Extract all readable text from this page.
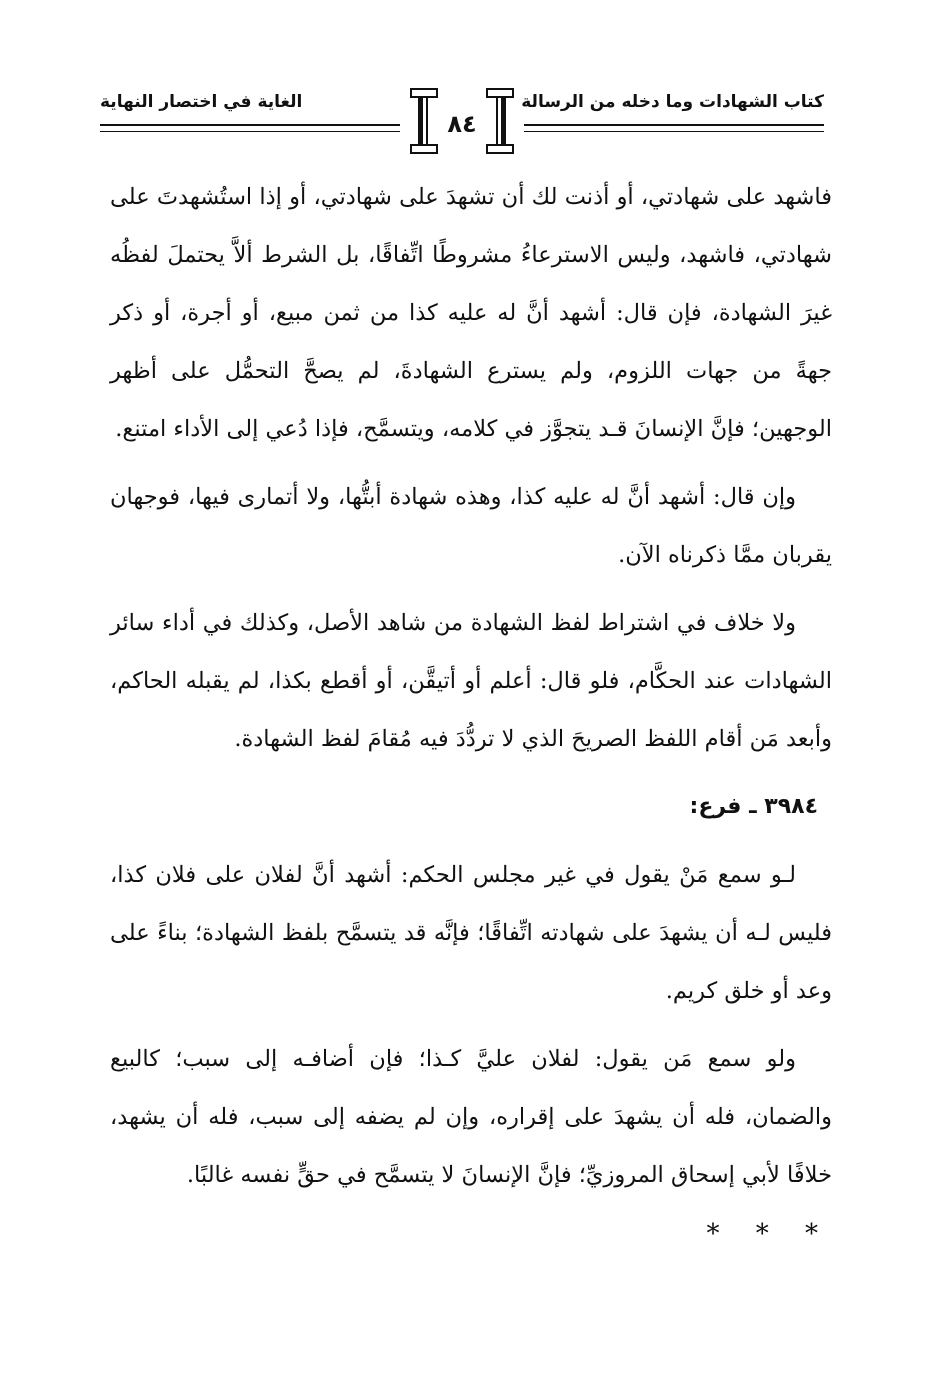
كتاب الشهادات وما دخله من الرسالة
٨٤
الغاية في اختصار النهاية

فاشهد على شهادتي، أو أذنت لك أن تشهدَ على شهادتي، أو إذا استُشهدتَ على شهادتي، فاشهد، وليس الاسترعاءُ مشروطًا اتِّفاقًا، بل الشرط ألاَّ يحتملَ لفظُه غيرَ الشهادة، فإن قال: أشهد أنَّ له عليه كذا من ثمن مبيع، أو أجرة، أو ذكر جهةً من جهات اللزوم، ولم يسترع الشهادةَ، لم يصحَّ التحمُّل على أظهر الوجهين؛ فإنَّ الإنسانَ قـد يتجوَّز في كلامه، ويتسمَّح، فإذا دُعي إلى الأداء امتنع.

وإن قال: أشهد أنَّ له عليه كذا، وهذه شهادة أبتُّها، ولا أتمارى فيها، فوجهان يقربان ممَّا ذكرناه الآن.

ولا خلاف في اشتراط لفظ الشهادة من شاهد الأصل، وكذلك في أداء سائر الشهادات عند الحكَّام، فلو قال: أعلم أو أتيقَّن، أو أقطع بكذا، لم يقبله الحاكم، وأبعد مَن أقام اللفظ الصريحَ الذي لا تردُّدَ فيه مُقامَ لفظ الشهادة.

٣٩٨٤ ـ فرع:

لـو سمع مَنْ يقول في غير مجلس الحكم: أشهد أنَّ لفلان على فلان كذا، فليس لـه أن يشهدَ على شهادته اتِّفاقًا؛ فإنَّه قد يتسمَّح بلفظ الشهادة؛ بناءً على وعد أو خلق كريم.

ولو سمع مَن يقول: لفلان عليَّ كـذا؛ فإن أضافـه إلى سبب؛ كالبيع والضمان، فله أن يشهدَ على إقراره، وإن لم يضفه إلى سبب، فله أن يشهد، خلافًا لأبي إسحاق المروزيِّ؛ فإنَّ الإنسانَ لا يتسمَّح في حقٍّ نفسه غالبًا.

* * *
